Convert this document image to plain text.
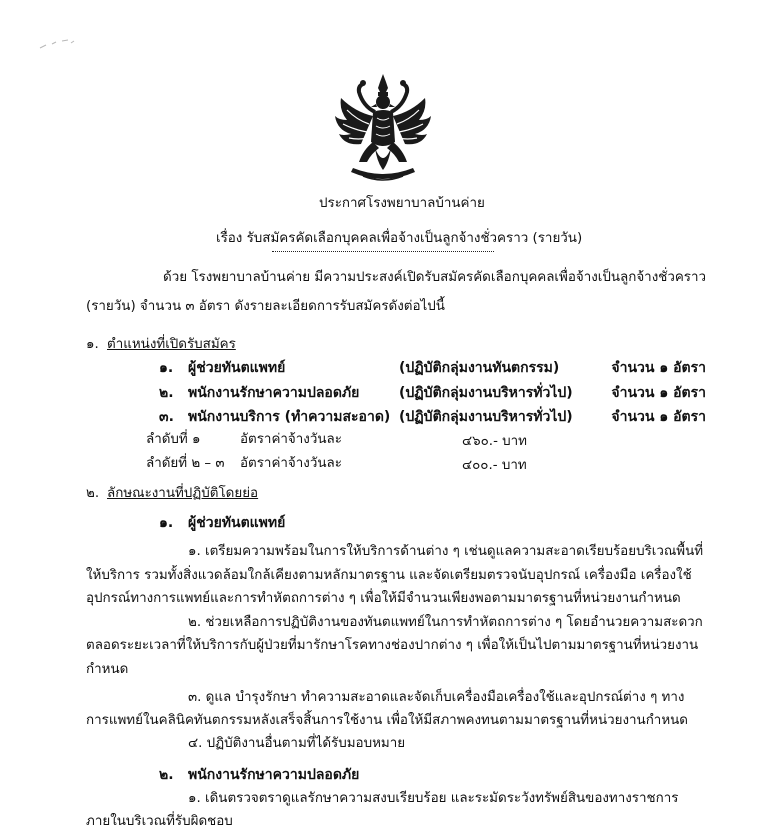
ประกาศโรงพยาบาลบ้านค่าย
เรื่อง รับสมัครคัดเลือกบุคคลเพื่อจ้างเป็นลูกจ้างชั่วคราว (รายวัน)
ด้วย โรงพยาบาลบ้านค่าย มีความประสงค์เปิดรับสมัครคัดเลือกบุคคลเพื่อจ้างเป็นลูกจ้างชั่วคราว
(รายวัน) จำนวน ๓ อัตรา ดังรายละเอียดการรับสมัครดังต่อไปนี้
๑. ตำแหน่งที่เปิดรับสมัคร
๑. ผู้ช่วยทันตแพทย์	(ปฏิบัติกลุ่มงานทันตกรรม)	จำนวน ๑ อัตรา
๒. พนักงานรักษาความปลอดภัย	(ปฏิบัติกลุ่มงานบริหารทั่วไป)	จำนวน ๑ อัตรา
๓. พนักงานบริการ (ทำความสะอาด) (ปฏิบัติกลุ่มงานบริหารทั่วไป)	จำนวน ๑ อัตรา
ลำดับที่ ๑	อัตราค่าจ้างวันละ	๔๖๐.- บาท
ลำดัยที่ ๒ – ๓ อัตราค่าจ้างวันละ	๔๐๐.- บาท
๒. ลักษณะงานที่ปฏิบัติโดยย่อ
๑. ผู้ช่วยทันตแพทย์
๑. เตรียมความพร้อมในการให้บริการด้านต่าง ๆ เช่นดูแลความสะอาดเรียบร้อยบริเวณพื้นที่
ให้บริการ รวมทั้งสิ่งแวดล้อมใกล้เคียงตามหลักมาตรฐาน และจัดเตรียมตรวจนับอุปกรณ์ เครื่องมือ เครื่องใช้
อุปกรณ์ทางการแพทย์และการทำหัตถการต่าง ๆ เพื่อให้มีจำนวนเพียงพอตามมาตรฐานที่หน่วยงานกำหนด
๒. ช่วยเหลือการปฏิบัติงานของทันตแพทย์ในการทำหัตถการต่าง ๆ โดยอำนวยความสะดวก
ตลอดระยะเวลาที่ให้บริการกับผู้ป่วยที่มารักษาโรคทางช่องปากต่าง ๆ เพื่อให้เป็นไปตามมาตรฐานที่หน่วยงาน
กำหนด
๓. ดูแล บำรุงรักษา ทำความสะอาดและจัดเก็บเครื่องมือเครื่องใช้และอุปกรณ์ต่าง ๆ ทาง
การแพทย์ในคลินิคทันตกรรมหลังเสร็จสิ้นการใช้งาน เพื่อให้มีสภาพคงทนตามมาตรฐานที่หน่วยงานกำหนด
๔. ปฏิบัติงานอื่นตามที่ได้รับมอบหมาย
๒. พนักงานรักษาความปลอดภัย
๑. เดินตรวจตราดูแลรักษาความสงบเรียบร้อย และระมัดระวังทรัพย์สินของทางราชการ
ภายในบริเวณที่รับผิดชอบ
